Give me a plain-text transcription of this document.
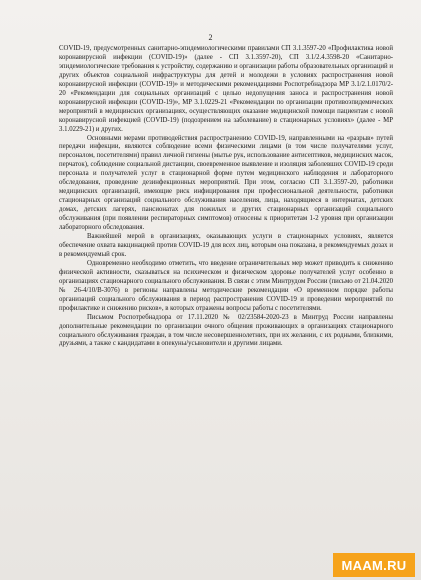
2

COVID-19, предусмотренных санитарно-эпидемиологическими правилами СП 3.1.3597-20 «Профилактика новой коронавирусной инфекции (COVID-19)» (далее - СП 3.1.3597-20), СП 3.1/2.4.3598-20 «Санитарно-эпидемиологические требования к устройству, содержанию и организации работы образовательных организаций и других объектов социальной инфраструктуры для детей и молодежи в условиях распространения новой коронавирусной инфекции (COVID-19)» и методическими рекомендациями Роспотребнадзора МР 3.1/2.1.0170/2-20 «Рекомендации для социальных организаций с целью недопущения заноса и распространения новой коронавирусной инфекции (COVID-19)», МР 3.1.0229-21 «Рекомендации по организации противоэпидемических мероприятий в медицинских организациях, осуществляющих оказание медицинской помощи пациентам с новой коронавирусной инфекцией (COVID-19) (подозрением на заболевание) в стационарных условиях» (далее - МР 3.1.0229-21) и других.

Основными мерами противодействия распространению COVID-19, направленными на «разрыв» путей передачи инфекции, являются соблюдение всеми физическими лицами (в том числе получателями услуг, персоналом, посетителями) правил личной гигиены (мытье рук, использование антисептиков, медицинских масок, перчаток), соблюдение социальной дистанции, своевременное выявление и изоляция заболевших COVID-19 среди персонала и получателей услуг в стационарной форме путем медицинского наблюдения и лабораторного обследования, проведение дезинфекционных мероприятий. При этом, согласно СП 3.1.3597-20, работники медицинских организаций, имеющие риск инфицирования при профессиональной деятельности, работники стационарных организаций социального обслуживания населения, лица, находящиеся в интернатах, детских домах, детских лагерях, пансионатах для пожилых и других стационарных организаций социального обслуживания (при появлении респираторных симптомов) относены к приоритетам 1-2 уровня при организации лабораторного обследования.

Важнейшей мерой в организациях, оказывающих услуги в стационарных условиях, является обеспечение охвата вакцинацией против COVID-19 для всех лиц, которым она показана, в рекомендуемых дозах и в рекомендуемый срок.

Одновременно необходимо отметить, что введение ограничительных мер может приводить к снижению физической активности, сказываться на психическом и физическом здоровье получателей услуг особенно в организациях стационарного социального обслуживания. В связи с этим Минтрудом России (письмо от 21.04.2020 № 26-4/10/В-3076) в регионы направлены методические рекомендации «О временном порядке работы организаций социального обслуживания в период распространения COVID-19 и проведении мероприятий по профилактике и снижению рисков», в которых отражены вопросы работы с посетителями.

Письмом Роспотребнадзора от 17.11.2020 № 02/23584-2020-23 в Минтруд России направлены дополнительные рекомендации по организации очного общения проживающих в организациях стационарного социального обслуживания граждан, в том числе несовершеннолетних, при их желании, с их родными, близкими, друзьями, а также с кандидатами в опекуны/усыновители и другими лицами.

MAAM.RU
